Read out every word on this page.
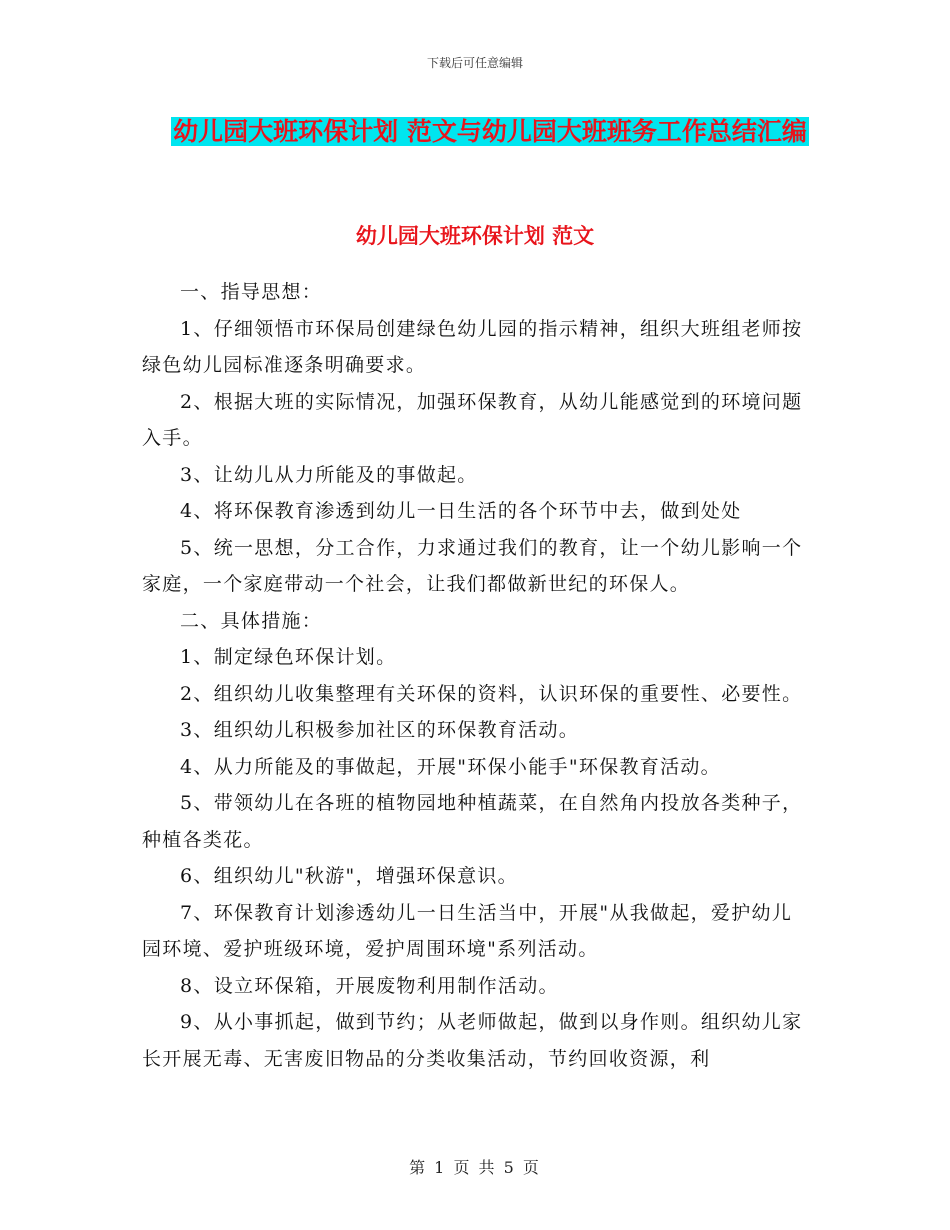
下载后可任意编辑
幼儿园大班环保计划 范文与幼儿园大班班务工作总结汇编
幼儿园大班环保计划 范文

一、指导思想：

1、仔细领悟市环保局创建绿色幼儿园的指示精神，组织大班组老师按绿色幼儿园标准逐条明确要求。

2、根据大班的实际情况，加强环保教育，从幼儿能感觉到的环境问题入手。

3、让幼儿从力所能及的事做起。

4、将环保教育渗透到幼儿一日生活的各个环节中去，做到处处

5、统一思想，分工合作，力求通过我们的教育，让一个幼儿影响一个家庭，一个家庭带动一个社会，让我们都做新世纪的环保人。

二、具体措施：

1、制定绿色环保计划。

2、组织幼儿收集整理有关环保的资料，认识环保的重要性、必要性。

3、组织幼儿积极参加社区的环保教育活动。

4、从力所能及的事做起，开展"环保小能手"环保教育活动。

5、带领幼儿在各班的植物园地种植蔬菜，在自然角内投放各类种子，种植各类花。

6、组织幼儿"秋游"，增强环保意识。

7、环保教育计划渗透幼儿一日生活当中，开展"从我做起，爱护幼儿园环境、爱护班级环境，爱护周围环境"系列活动。

8、设立环保箱，开展废物利用制作活动。

9、从小事抓起，做到节约；从老师做起，做到以身作则。组织幼儿家长开展无毒、无害废旧物品的分类收集活动，节约回收资源，利

第 1 页 共 5 页
